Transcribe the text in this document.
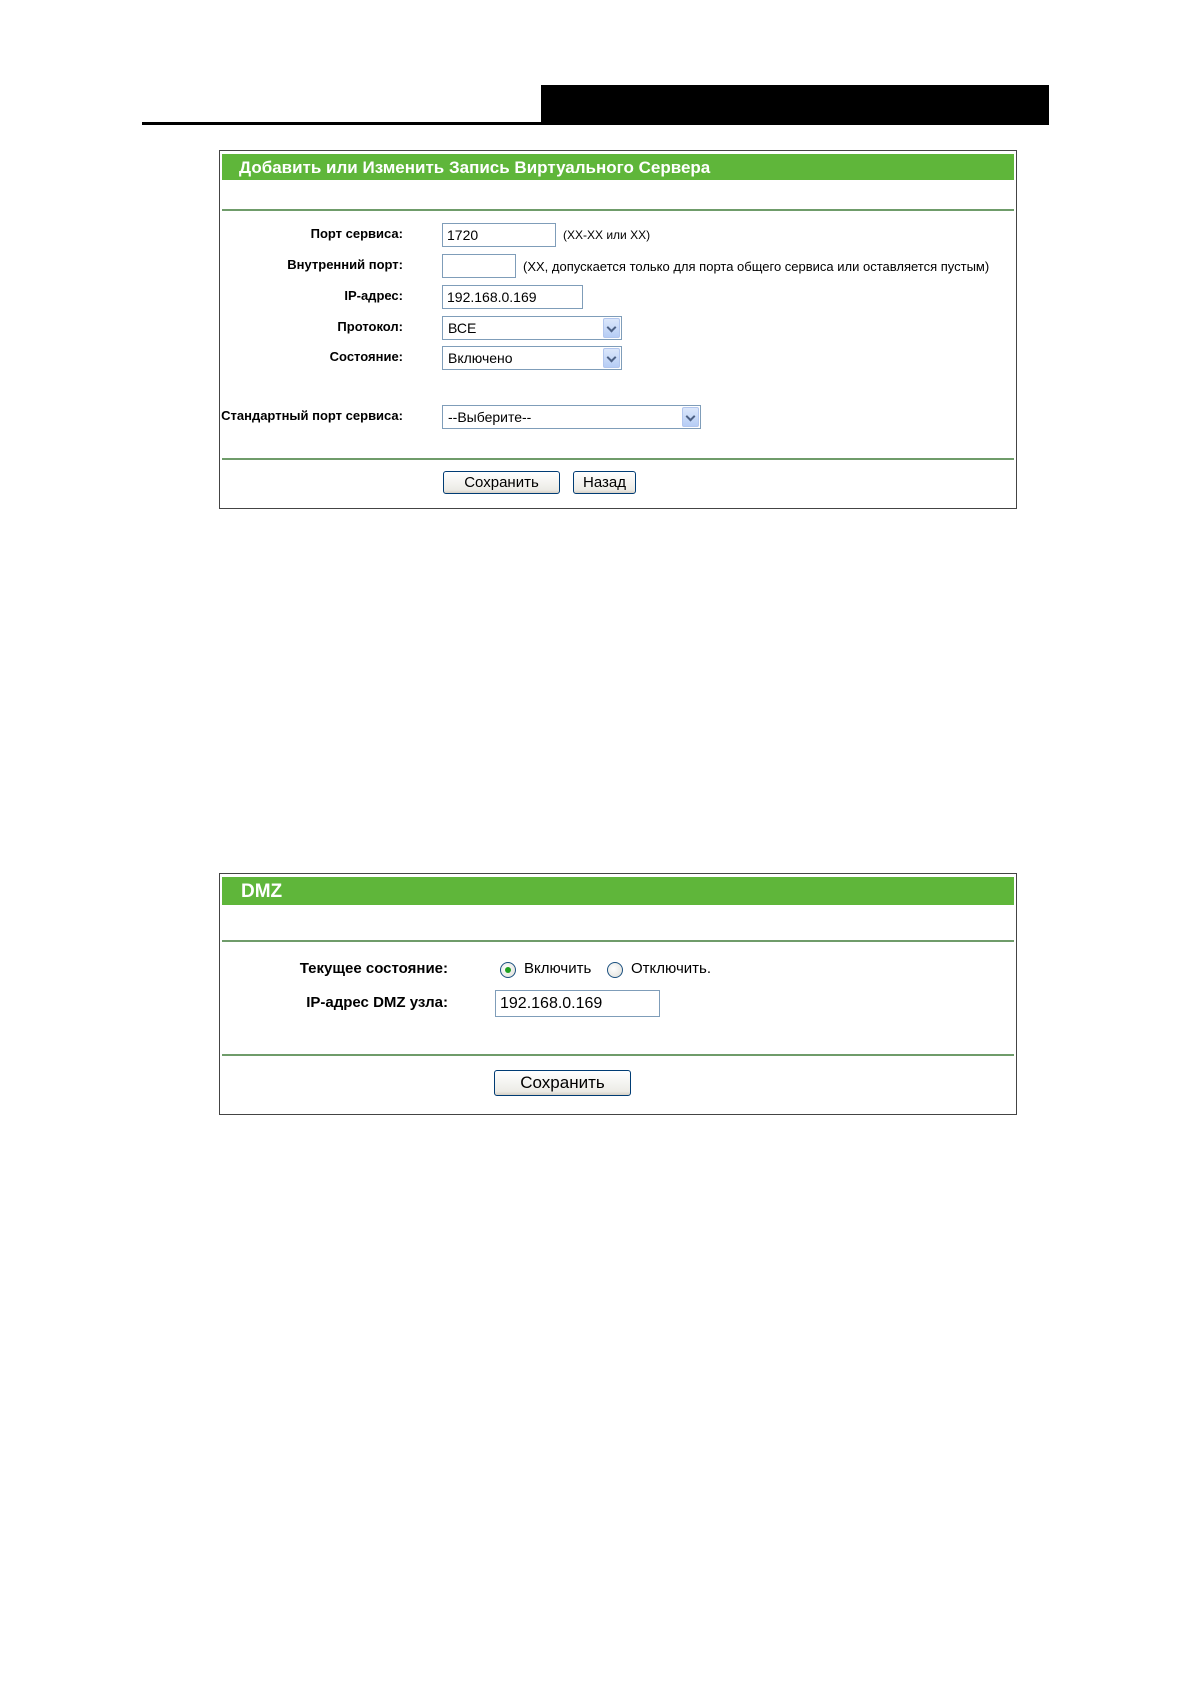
Добавить или Изменить Запись Виртуального Сервера
Порт сервиса:
1720	(XX-XX или XX)
Внутренний порт:	(XX, допускается только для порта общего сервиса или оставляется пустым)
IP-адрес:
192.168.0.169
Протокол:	ВСЕ
Состояние:	Включено
Стандартный порт сервиса:	--Выберите--
Сохранить	Назад
DMZ
Текущее состояние:	Включить	Отключить.
IP-адрес DMZ узла:
192.168.0.169
Сохранить
